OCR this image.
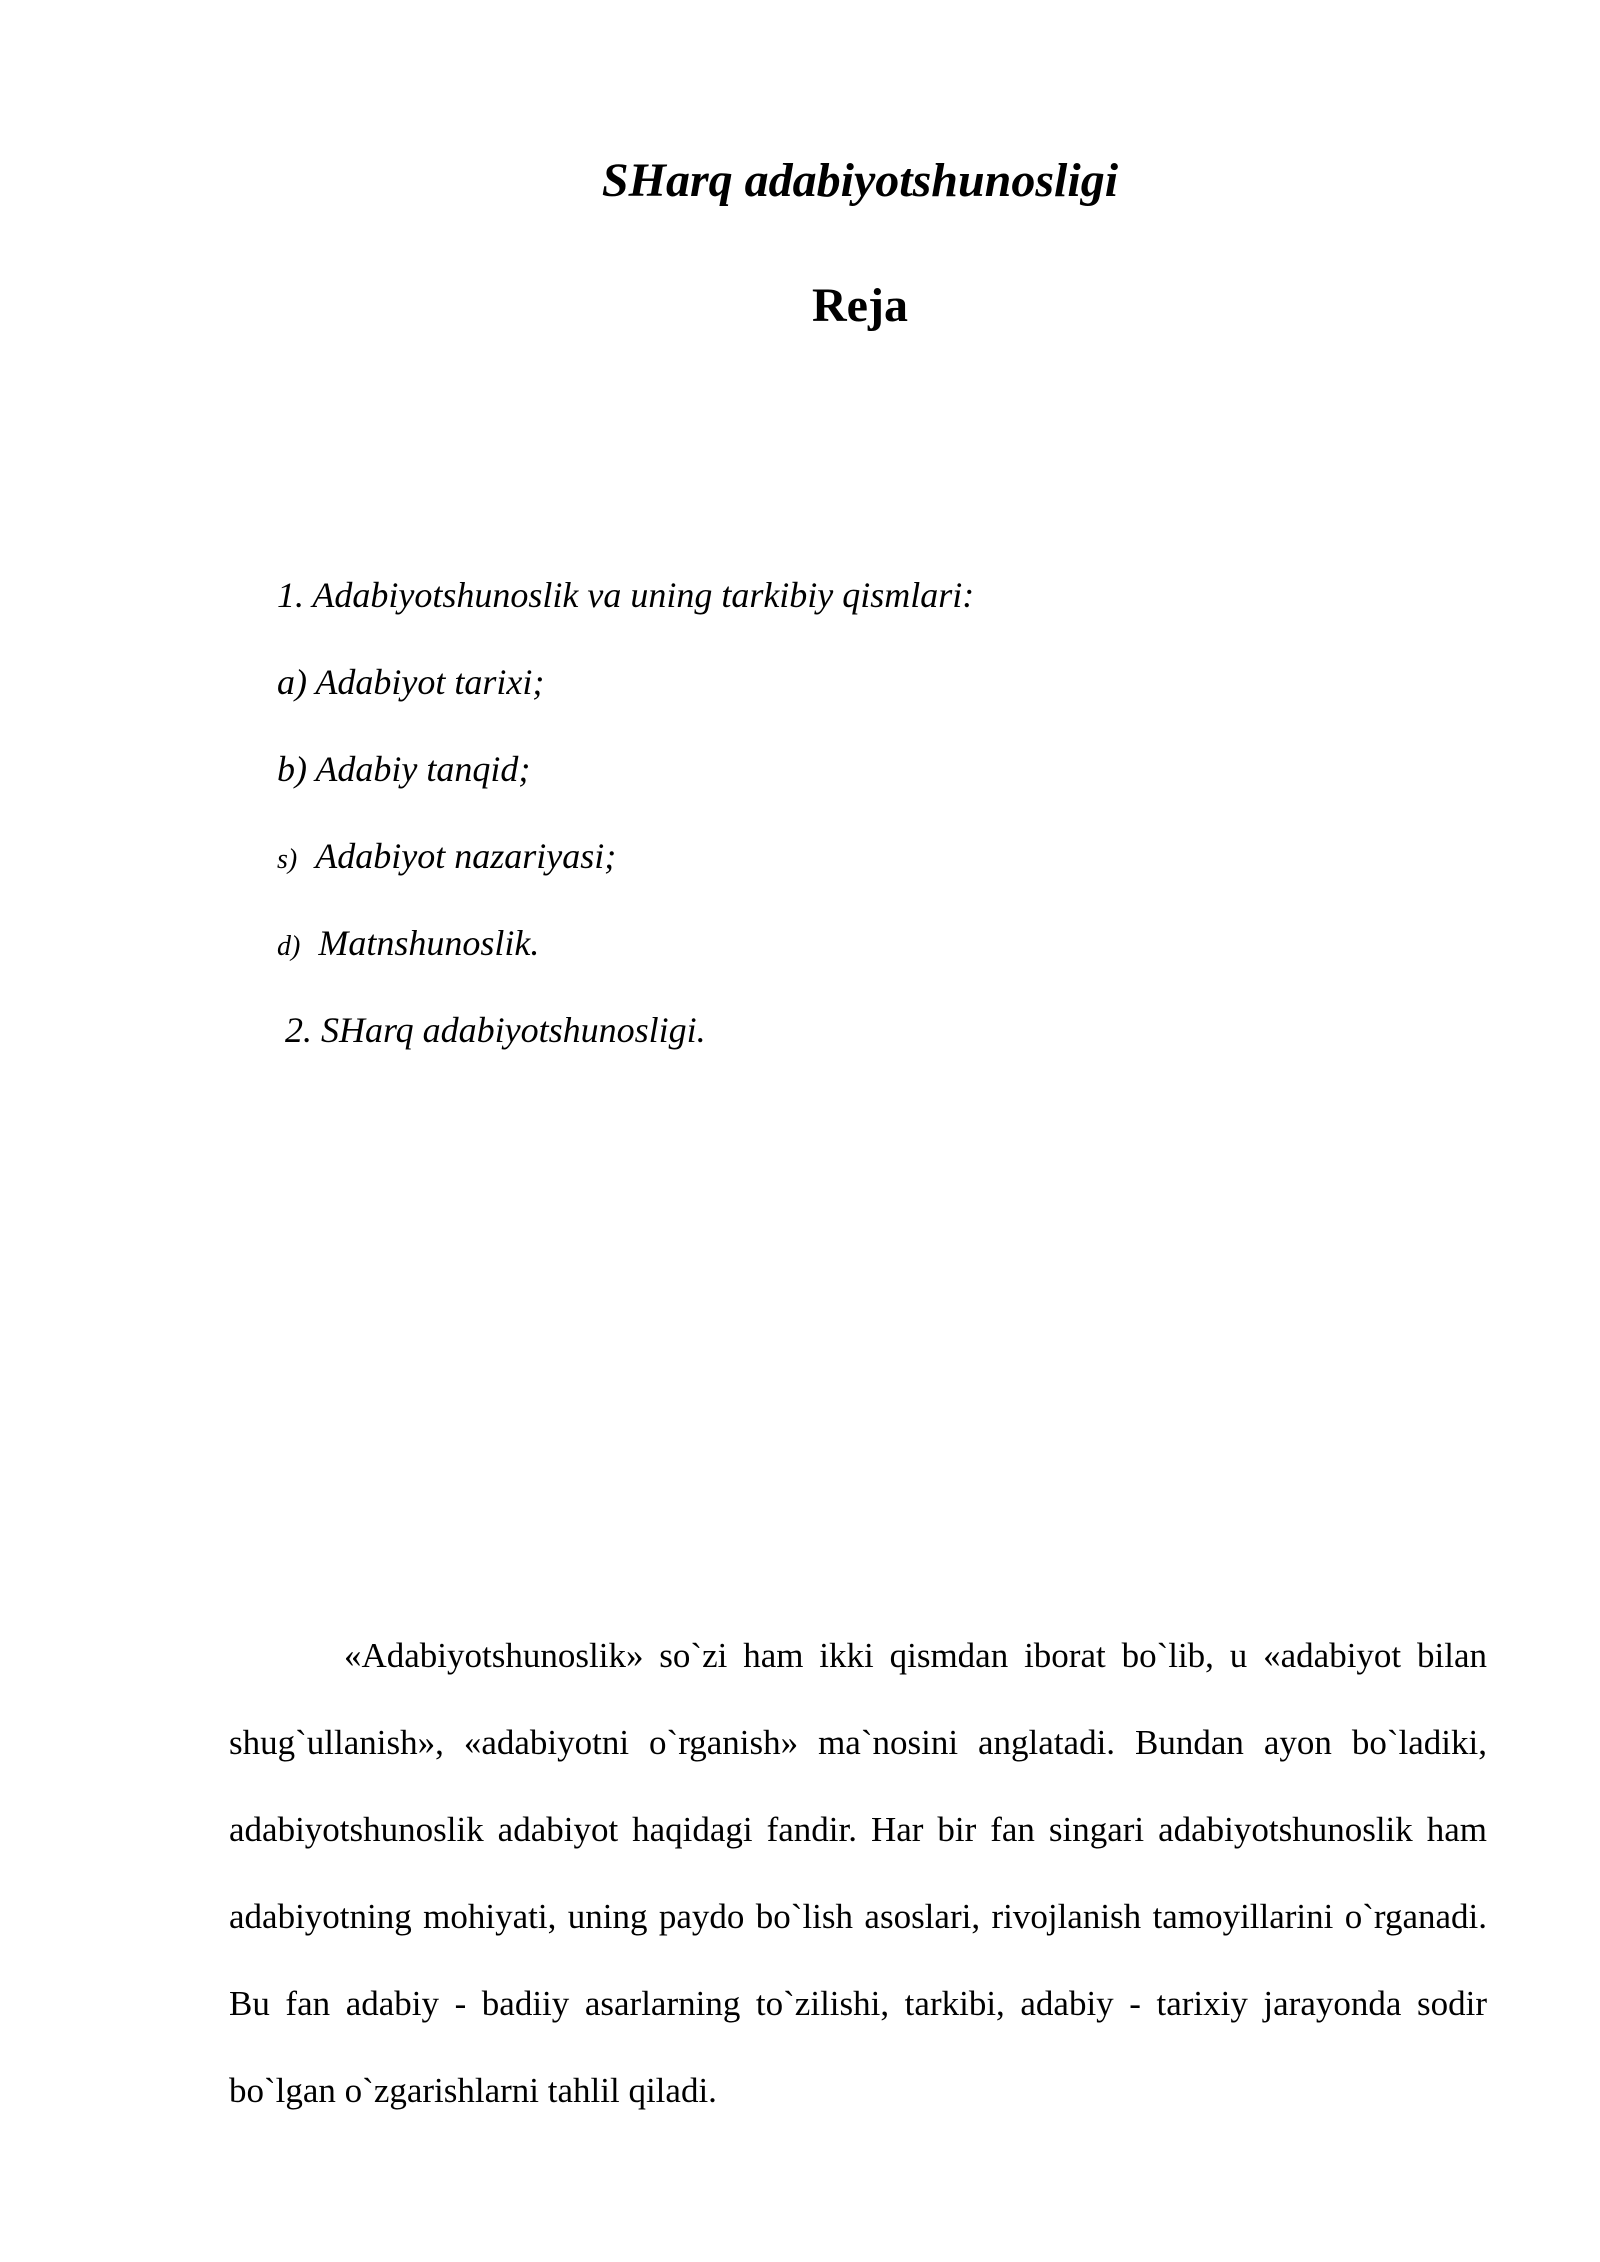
SHarq adabiyotshunosligi
Reja
1. Adabiyotshunoslik va uning tarkibiy qismlari:
a) Adabiyot tarixi;
b) Adabiy tanqid;
s) Adabiyot nazariyasi;
d) Matnshunoslik.
2. SHarq adabiyotshunosligi.

«Adabiyotshunoslik» so`zi ham ikki qismdan iborat bo`lib, u «adabiyot bilan shug`ullanish», «adabiyotni o`rganish» ma`nosini anglatadi. Bundan ayon bo`ladiki, adabiyotshunoslik adabiyot haqidagi fandir. Har bir fan singari adabiyotshunoslik ham adabiyotning mohiyati, uning paydo bo`lish asoslari, rivojlanish tamoyillarini o`rganadi. Bu fan adabiy - badiiy asarlarning to`zilishi, tarkibi, adabiy - tarixiy jarayonda sodir bo`lgan o`zgarishlarni tahlil qiladi.
